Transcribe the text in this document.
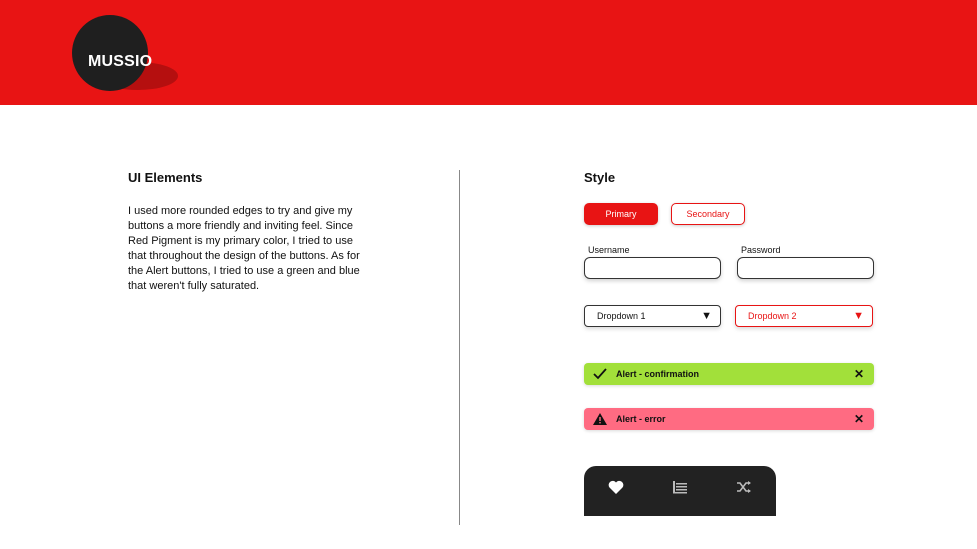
MUSSIO
UI Elements
I used more rounded edges to try and give my buttons a more friendly and inviting feel. Since Red Pigment is my primary color, I tried to use that throughout the design of the buttons. As for the Alert buttons, I tried to use a green and blue that weren't fully saturated.
Style
Primary	Secondary
Username	Password
Dropdown 1	▼	Dropdown 2	▼
Alert - confirmation	✕
Alert - error	✕
